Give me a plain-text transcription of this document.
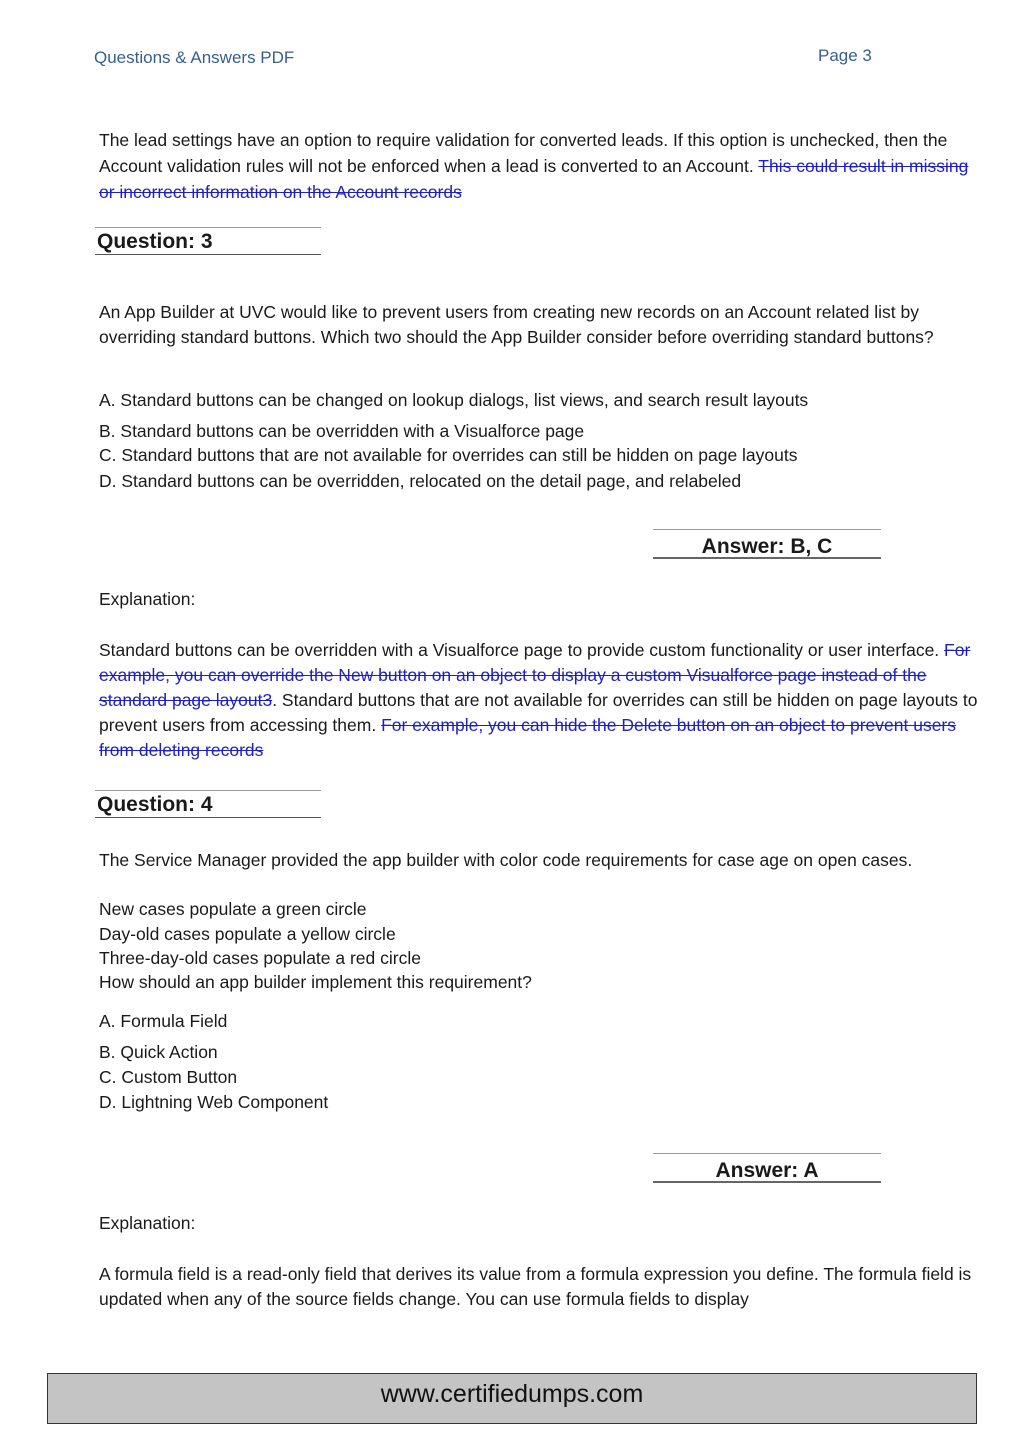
Questions & Answers PDF	Page 3

The lead settings have an option to require validation for converted leads. If this option is unchecked, then the Account validation rules will not be enforced when a lead is converted to an Account. This could result in missing or incorrect information on the Account records

Question: 3

An App Builder at UVC would like to prevent users from creating new records on an Account related list by overriding standard buttons. Which two should the App Builder consider before overriding standard buttons?

A. Standard buttons can be changed on lookup dialogs, list views, and search result layouts

B. Standard buttons can be overridden with a Visualforce page

C. Standard buttons that are not available for overrides can still be hidden on page layouts

D. Standard buttons can be overridden, relocated on the detail page, and relabeled

Answer: B, C

Explanation:

Standard buttons can be overridden with a Visualforce page to provide custom functionality or user interface. For example, you can override the New button on an object to display a custom Visualforce page instead of the standard page layout3. Standard buttons that are not available for overrides can still be hidden on page layouts to prevent users from accessing them. For example, you can hide the Delete button on an object to prevent users from deleting records

Question: 4

The Service Manager provided the app builder with color code requirements for case age on open cases.

New cases populate a green circle

Day-old cases populate a yellow circle

Three-day-old cases populate a red circle

How should an app builder implement this requirement?

A. Formula Field

B. Quick Action

C. Custom Button

D. Lightning Web Component

Answer: A

Explanation:

A formula field is a read-only field that derives its value from a formula expression you define. The formula field is updated when any of the source fields change. You can use formula fields to display

www.certifiedumps.com
